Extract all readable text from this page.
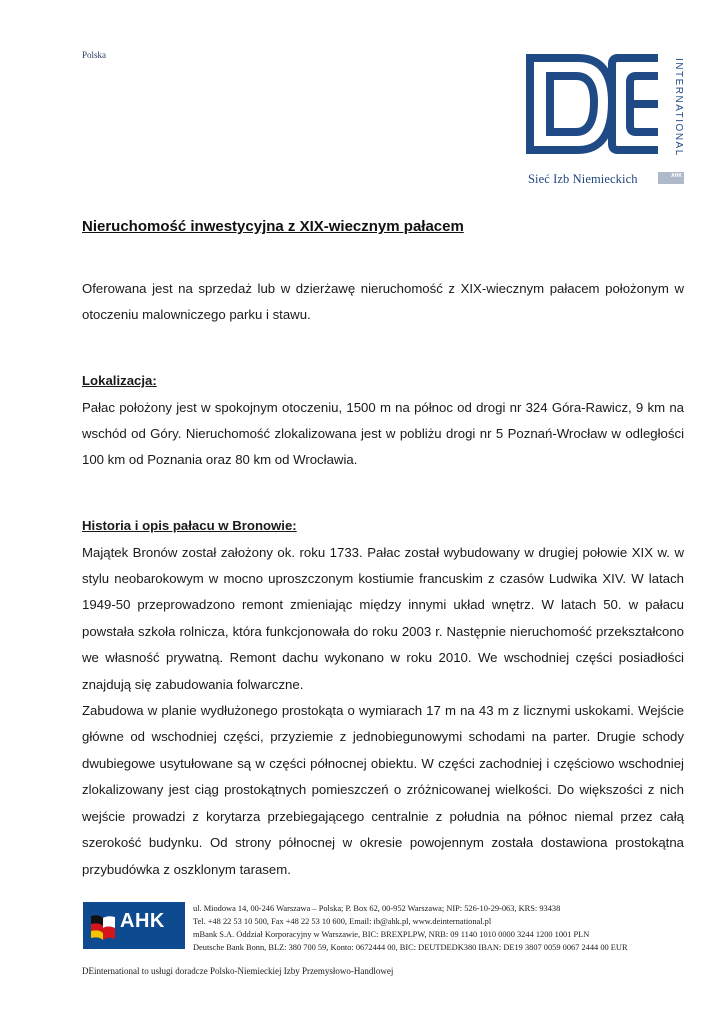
Polska
INTERNATIONAL
Sieć Izb Niemieckich	AHK
Nieruchomość inwestycyjna z XIX-wiecznym pałacem

Oferowana jest na sprzedaż lub w dzierżawę nieruchomość z XIX-wiecznym pałacem położonym w otoczeniu malowniczego parku i stawu.

Lokalizacja:

Pałac położony jest w spokojnym otoczeniu, 1500 m na północ od drogi nr 324 Góra-Rawicz, 9 km na wschód od Góry. Nieruchomość zlokalizowana jest w pobliżu drogi nr 5 Poznań-Wrocław w odległości 100 km od Poznania oraz 80 km od Wrocławia.

Historia i opis pałacu w Bronowie:

Majątek Bronów został założony ok. roku 1733. Pałac został wybudowany w drugiej połowie XIX w. w stylu neobarokowym w mocno uproszczonym kostiumie francuskim z czasów Ludwika XIV. W latach 1949-50 przeprowadzono remont zmieniając między innymi układ wnętrz. W latach 50. w pałacu powstała szkoła rolnicza, która funkcjonowała do roku 2003 r. Następnie nieruchomość przekształcono we własność prywatną. Remont dachu wykonano w roku 2010. We wschodniej części posiadłości znajdują się zabudowania folwarczne.

Zabudowa w planie wydłużonego prostokąta o wymiarach 17 m na 43 m z licznymi uskokami. Wejście główne od wschodniej części, przyziemie z jednobiegunowymi schodami na parter. Drugie schody dwubiegowe usytułowane są w części północnej obiektu. W części zachodniej i częściowo wschodniej zlokalizowany jest ciąg prostokątnych pomieszczeń o zróżnicowanej wielkości. Do większości z nich wejście prowadzi z korytarza przebiegającego centralnie z południa na północ niemal przez całą szerokość budynku. Od strony północnej w okresie powojennym została dostawiona prostokątna przybudówka z oszklonym tarasem.

AHK
ul. Miodowa 14, 00-246 Warszawa – Polska; P. Box 62, 00-952 Warszawa; NIP: 526-10-29-063, KRS: 93438
Tel. +48 22 53 10 500, Fax +48 22 53 10 600, Email: ib@ahk.pl, www.deinternational.pl
mBank S.A. Oddział Korporacyjny w Warszawie, BIC: BREXPLPW, NRB: 09 1140 1010 0000 3244 1200 1001 PLN
Deutsche Bank Bonn, BLZ: 380 700 59, Konto: 0672444 00, BIC: DEUTDEDK380 IBAN: DE19 3807 0059 0067 2444 00 EUR
DEinternational to usługi doradcze Polsko-Niemieckiej Izby Przemysłowo-Handlowej
